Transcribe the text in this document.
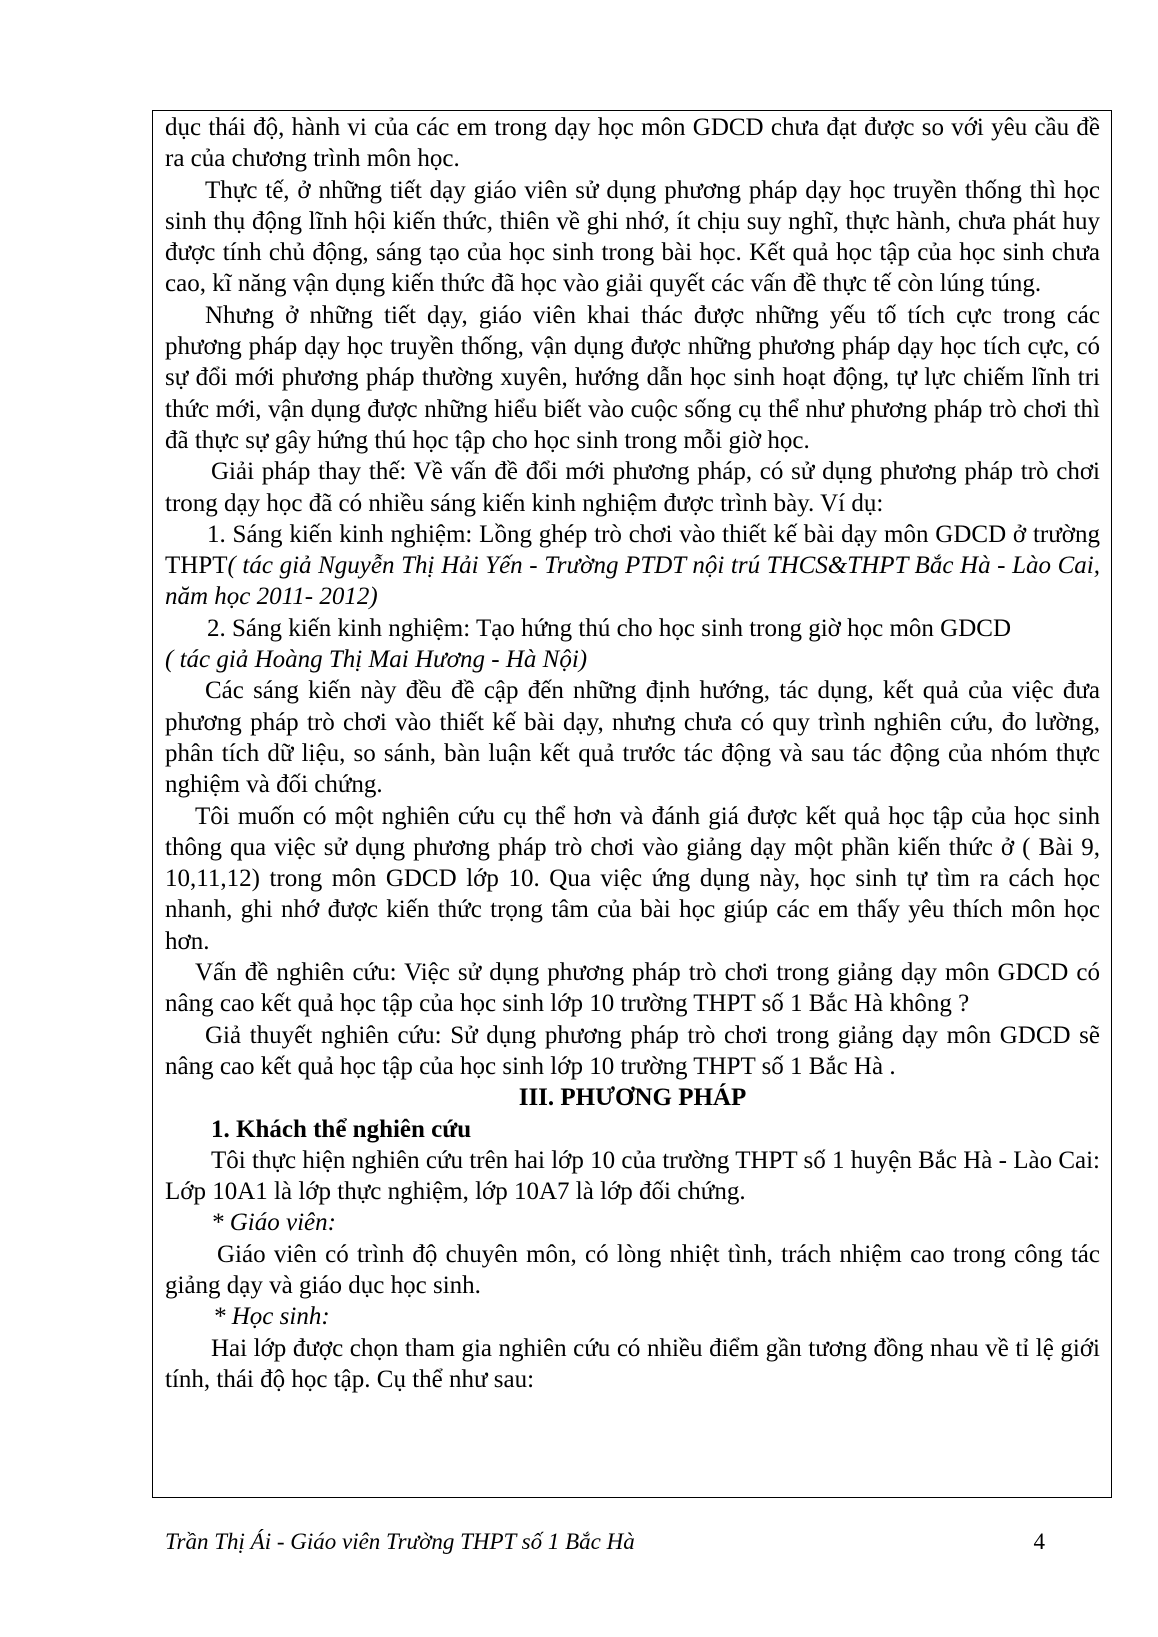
dục thái độ, hành vi của các em trong dạy học môn GDCD chưa đạt được so với yêu cầu đề ra của chương trình môn học.

Thực tế, ở những tiết dạy giáo viên sử dụng phương pháp dạy học truyền thống thì học sinh thụ động lĩnh hội kiến thức, thiên về ghi nhớ, ít chịu suy nghĩ, thực hành, chưa phát huy được tính chủ động, sáng tạo của học sinh trong bài học. Kết quả học tập của học sinh chưa cao, kĩ năng vận dụng kiến thức đã học vào giải quyết các vấn đề thực tế còn lúng túng.

Nhưng ở những tiết dạy, giáo viên khai thác được những yếu tố tích cực trong các phương pháp dạy học truyền thống, vận dụng được những phương pháp dạy học tích cực, có sự đổi mới phương pháp thường xuyên, hướng dẫn học sinh hoạt động, tự lực chiếm lĩnh tri thức mới, vận dụng được những hiểu biết vào cuộc sống cụ thể như phương pháp trò chơi thì đã thực sự gây hứng thú học tập cho học sinh trong mỗi giờ học.

Giải pháp thay thế: Về vấn đề đổi mới phương pháp, có sử dụng phương pháp trò chơi trong dạy học đã có nhiều sáng kiến kinh nghiệm được trình bày. Ví dụ:

1. Sáng kiến kinh nghiệm: Lồng ghép trò chơi vào thiết kế bài dạy môn GDCD ở trường THPT( tác giả Nguyễn Thị Hải Yến - Trường PTDT nội trú THCS&THPT Bắc Hà - Lào Cai, năm học 2011- 2012)

2. Sáng kiến kinh nghiệm: Tạo hứng thú cho học sinh trong giờ học môn GDCD
( tác giả Hoàng Thị Mai Hương - Hà Nội)

Các sáng kiến này đều đề cập đến những định hướng, tác dụng, kết quả của việc đưa phương pháp trò chơi vào thiết kế bài dạy, nhưng chưa có quy trình nghiên cứu, đo lường, phân tích dữ liệu, so sánh, bàn luận kết quả trước tác động và sau tác động của nhóm thực nghiệm và đối chứng.

Tôi muốn có một nghiên cứu cụ thể hơn và đánh giá được kết quả học tập của học sinh thông qua việc sử dụng phương pháp trò chơi vào giảng dạy một phần kiến thức ở ( Bài 9, 10,11,12) trong môn GDCD lớp 10. Qua việc ứng dụng này, học sinh tự tìm ra cách học nhanh, ghi nhớ được kiến thức trọng tâm của bài học giúp các em thấy yêu thích môn học hơn.

Vấn đề nghiên cứu: Việc sử dụng phương pháp trò chơi trong giảng dạy môn GDCD có nâng cao kết quả học tập của học sinh lớp 10 trường THPT số 1 Bắc Hà không ?

Giả thuyết nghiên cứu: Sử dụng phương pháp trò chơi trong giảng dạy môn GDCD sẽ nâng cao kết quả học tập của học sinh lớp 10 trường THPT số 1 Bắc Hà .

III. PHƯƠNG PHÁP

1. Khách thể nghiên cứu

Tôi thực hiện nghiên cứu trên hai lớp 10 của trường THPT số 1 huyện Bắc Hà - Lào Cai: Lớp 10A1 là lớp thực nghiệm, lớp 10A7 là lớp đối chứng.

* Giáo viên:

Giáo viên có trình độ chuyên môn, có lòng nhiệt tình, trách nhiệm cao trong công tác giảng dạy và giáo dục học sinh.

* Học sinh:

Hai lớp được chọn tham gia nghiên cứu có nhiều điểm gần tương đồng nhau về tỉ lệ giới tính, thái độ học tập. Cụ thể như sau:

Trần Thị Ái - Giáo viên Trường THPT số 1 Bắc Hà	4
